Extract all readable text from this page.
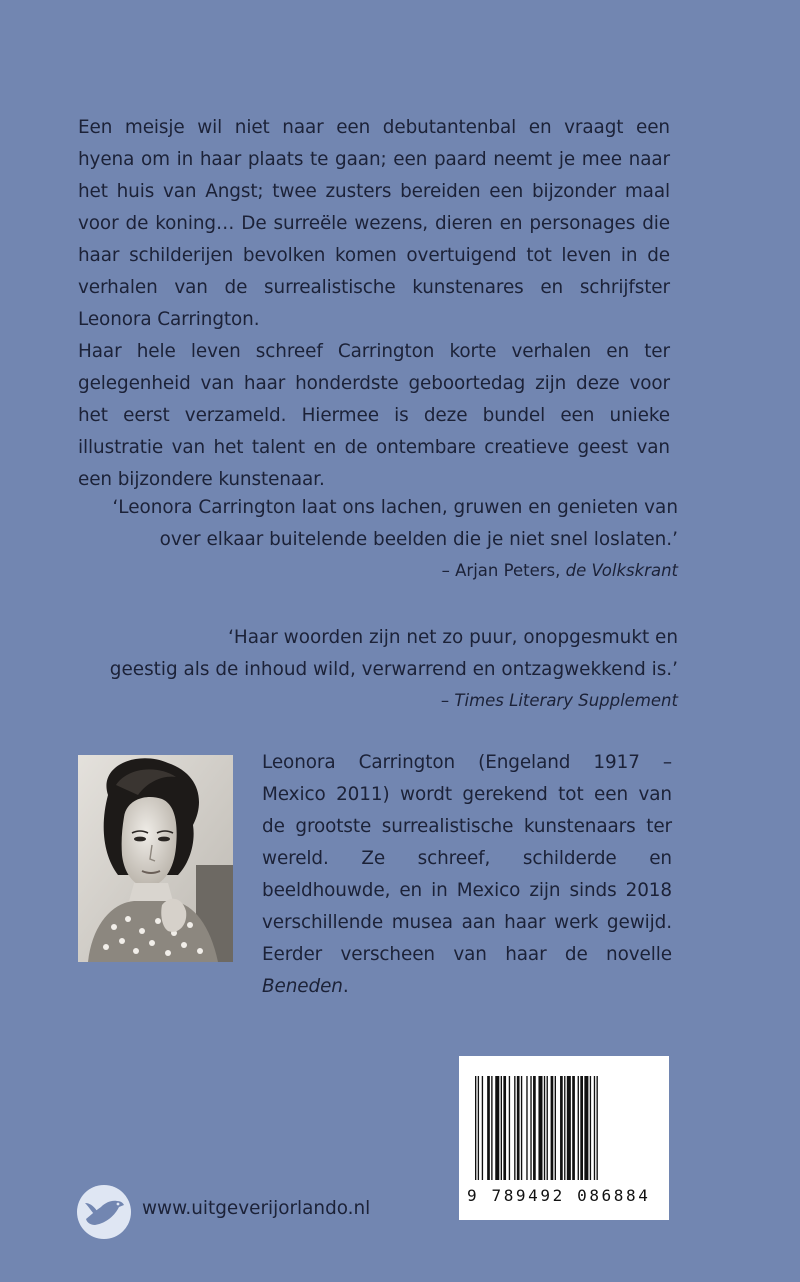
Een meisje wil niet naar een debutantenbal en vraagt een hyena om in haar plaats te gaan; een paard neemt je mee naar het huis van Angst; twee zusters bereiden een bijzonder maal voor de koning… De surreële wezens, dieren en personages die haar schilderijen bevolken komen overtuigend tot leven in de verhalen van de surrealistische kunstenares en schrijfster Leonora Carrington.

Haar hele leven schreef Carrington korte verhalen en ter gelegenheid van haar honderdste geboortedag zijn deze voor het eerst verzameld. Hiermee is deze bundel een unieke illustratie van het talent en de ontembare creatieve geest van een bijzondere kunstenaar.

‘Leonora Carrington laat ons lachen, gruwen en genieten van
over elkaar buitelende beelden die je niet snel loslaten.’
– Arjan Peters, de Volkskrant
‘Haar woorden zijn net zo puur, onopgesmukt en
geestig als de inhoud wild, verwarrend en ontzagwekkend is.’
– Times Literary Supplement
Leonora Carrington (Engeland 1917 – Mexico 2011) wordt gerekend tot een van de grootste surrealistische kunstenaars ter wereld. Ze schreef, schilderde en beeldhouwde, en in Mexico zijn sinds 2018 verschillende musea aan haar werk gewijd. Eerder verscheen van haar de novelle Beneden.
9 789492 086884
www.uitgeverijorlando.nl
